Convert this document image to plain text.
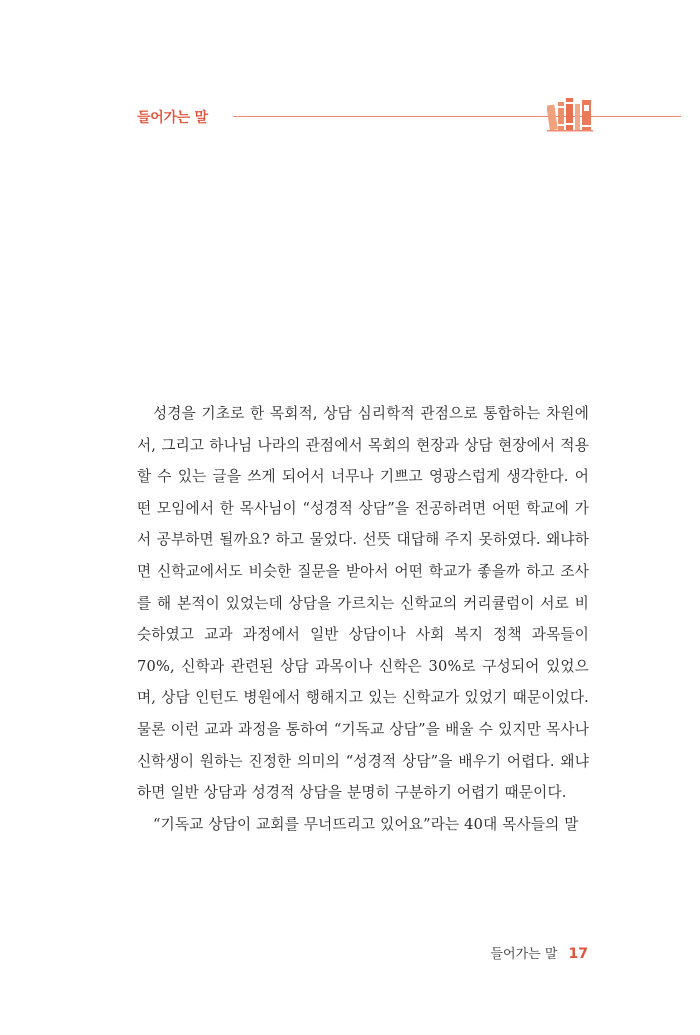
들어가는 말

성경을 기초로 한 목회적, 상담 심리학적 관점으로 통합하는 차원에서, 그리고 하나님 나라의 관점에서 목회의 현장과 상담 현장에서 적용할 수 있는 글을 쓰게 되어서 너무나 기쁘고 영광스럽게 생각한다. 어떤 모임에서 한 목사님이 “성경적 상담”을 전공하려면 어떤 학교에 가서 공부하면 될까요? 하고 물었다. 선뜻 대답해 주지 못하였다. 왜냐하면 신학교에서도 비슷한 질문을 받아서 어떤 학교가 좋을까 하고 조사를 해 본적이 있었는데 상담을 가르치는 신학교의 커리큘럼이 서로 비슷하였고 교과 과정에서 일반 상담이나 사회 복지 정책 과목들이 70%, 신학과 관련된 상담 과목이나 신학은 30%로 구성되어 있었으며, 상담 인턴도 병원에서 행해지고 있는 신학교가 있었기 때문이었다. 물론 이런 교과 과정을 통하여 “기독교 상담”을 배울 수 있지만 목사나 신학생이 원하는 진정한 의미의 “성경적 상담”을 배우기 어렵다. 왜냐하면 일반 상담과 성경적 상담을 분명히 구분하기 어렵기 때문이다.

“기독교 상담이 교회를 무너뜨리고 있어요”라는 40대 목사들의 말

들어가는 말 17
